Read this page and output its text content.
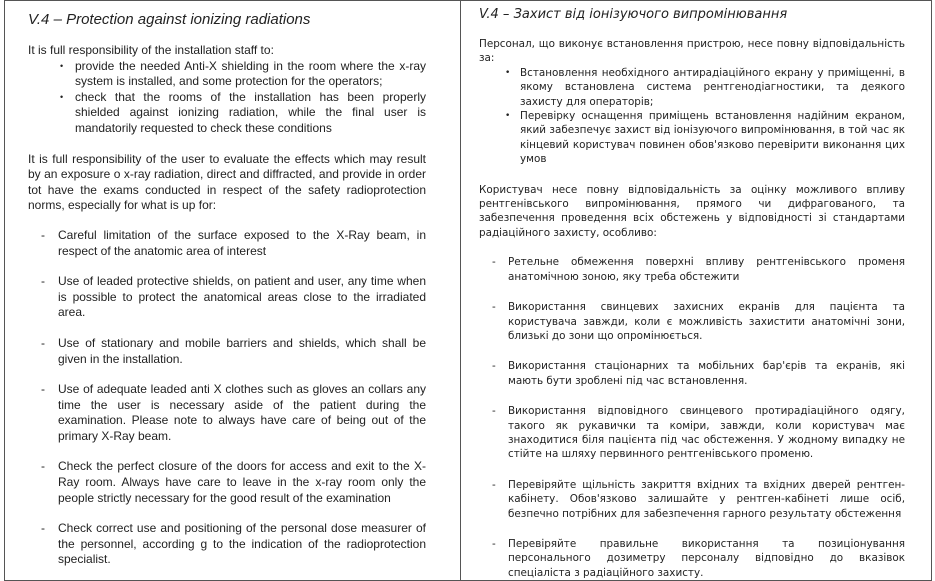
V.4 – Protection against ionizing radiations

It is full responsibility of the installation staff to:

• provide the needed Anti-X shielding in the room where the x-ray system is installed, and some protection for the operators;
• check that the rooms of the installation has been properly shielded against ionizing radiation, while the final user is mandatorily requested to check these conditions

It is full responsibility of the user to evaluate the effects which may result by an exposure o x-ray radiation, direct and diffracted, and provide in order tot have the exams conducted in respect of the safety radioprotection norms, especially for what is up for:

- Careful limitation of the surface exposed to the X-Ray beam, in respect of the anatomic area of interest
- Use of leaded protective shields, on patient and user, any time when is possible to protect the anatomical areas close to the irradiated area.
- Use of stationary and mobile barriers and shields, which shall be given in the installation.
- Use of adequate leaded anti X clothes such as gloves an collars any time the user is necessary aside of the patient during the examination. Please note to always have care of being out of the primary X-Ray beam.
- Check the perfect closure of the doors for access and exit to the X-Ray room. Always have care to leave in the x-ray room only the people strictly necessary for the good result of the examination
- Check correct use and positioning of the personal dose measurer of the personnel, according g to the indication of the radioprotection specialist.
V.4 – Захист від іонізуючого випромінювання

Персонал, що виконує встановлення пристрою, несе повну відповідальність за:

• Встановлення необхідного антирадіаційного екрану у приміщенні, в якому встановлена система рентгенодіагностики, та деякого захисту для операторів;
• Перевірку оснащення приміщень встановлення надійним екраном, який забезпечує захист від іонізуючого випромінювання, в той час як кінцевий користувач повинен обов'язково перевірити виконання цих умов

Користувач несе повну відповідальність за оцінку можливого впливу рентгенівського випромінювання, прямого чи дифрагованого, та забезпечення проведення всіх обстежень у відповідності зі стандартами радіаційного захисту, особливо:

- Ретельне обмеження поверхні впливу рентгенівського променя анатомічною зоною, яку треба обстежити
- Використання свинцевих захисних екранів для пацієнта та користувача завжди, коли є можливість захистити анатомічні зони, близькі до зони що опромінюється.
- Використання стаціонарних та мобільних бар'єрів та екранів, які мають бути зроблені під час встановлення.
- Використання відповідного свинцевого протирадіаційного одягу, такого як рукавички та коміри, завжди, коли користувач має знаходитися біля пацієнта під час обстеження. У жодному випадку не стійте на шляху первинного рентгенівського променю.
- Перевіряйте щільність закриття вхідних та вхідних дверей рентген-кабінету. Обов'язково залишайте у рентген-кабінеті лише осіб, безпечно потрібних для забезпечення гарного результату обстеження
- Перевіряйте правильне використання та позиціонування персонального дозиметру персоналу відповідно до вказівок спеціаліста з радіаційного захисту.
